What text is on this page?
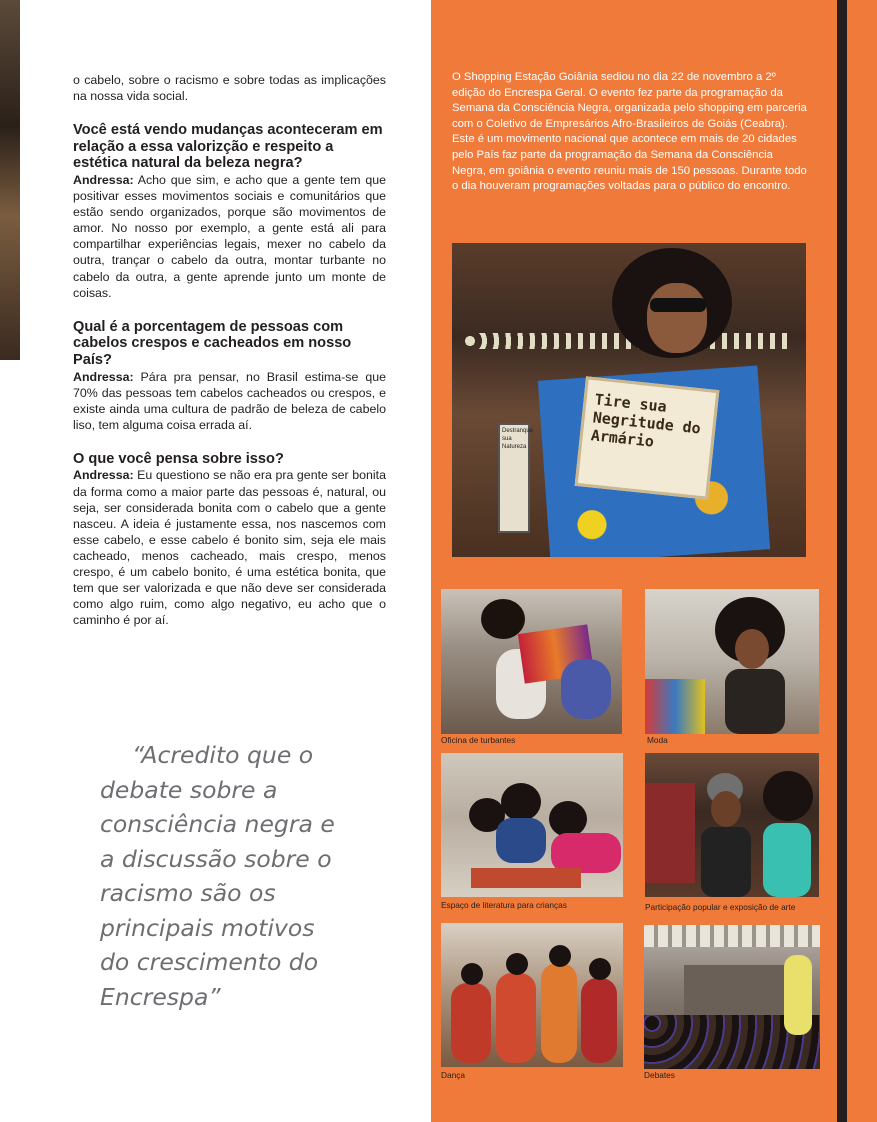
o cabelo, sobre o racismo e sobre todas as implicações na nossa vida social.

Você está vendo mudanças aconteceram em relação a essa valorizção e respeito a estética natural da beleza negra?

Andressa: Acho que sim, e acho que a gente tem que positivar esses movimentos sociais e comunitários que estão sendo organizados, porque são movimentos de amor. No nosso por exemplo, a gente está ali para compartilhar experiências legais, mexer no cabelo da outra, trançar o cabelo da outra, montar turbante no cabelo da outra, a gente aprende junto um monte de coisas.

Qual é a porcentagem de pessoas com cabelos crespos e cacheados em nosso País?

Andressa: Pára pra pensar, no Brasil estima-se que 70% das pessoas tem cabelos cacheados ou crespos, e existe ainda uma cultura de padrão de beleza de cabelo liso, tem alguma coisa errada aí.

O que você pensa sobre isso?

Andressa: Eu questiono se não era pra gente ser bonita da forma como a maior parte das pessoas é, natural, ou seja, ser considerada bonita com o cabelo que a gente nasceu. A ideia é justamente essa, nos nascemos com esse cabelo, e esse cabelo é bonito sim, seja ele mais cacheado, menos cacheado, mais crespo, menos crespo, é um cabelo bonito, é uma estética bonita, que tem que ser valorizada e que não deve ser considerada como algo ruim, como algo negativo, eu acho que o caminho é por aí.

“Acredito que o debate sobre a consciência negra e a discussão sobre o racismo são os principais motivos do crescimento do Encrespa”

O Shopping Estação Goiânia sediou no dia 22 de novembro a 2º edição do Encrespa Geral. O evento fez parte da programação da Semana da Consciência Negra, organizada pelo shopping em parceria com o Coletivo de Empresários Afro-Brasileiros de Goiás (Ceabra). Este é um movimento nacional que acontece em mais de 20 cidades pelo País faz parte da programação da Semana da Consciência Negra, em goiânia o evento reuniu mais de 150 pessoas. Durante todo o dia houveram programações voltadas para o público do encontro.

Destranque sua Natureza
Tire sua Negritude do Armário
Oficina de turbantes	Moda
Espaço de literatura para crianças	Participação popular e exposição de arte
Dança	Debates
